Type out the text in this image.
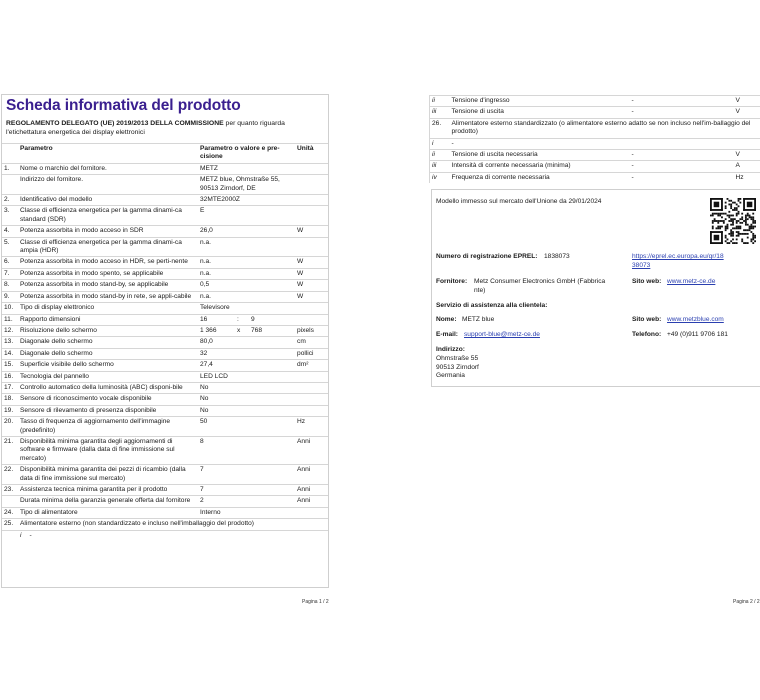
Scheda informativa del prodotto
REGOLAMENTO DELEGATO (UE) 2019/2013 DELLA COMMISSIONE per quanto riguarda l'etichettatura energetica dei display elettronici
	Parametro	Parametro o valore e pre-cisione			Unità
1.	Nome o marchio del fornitore.	METZ			
	Indirizzo del fornitore.	METZ blue, Ohmstraße 55, 90513 Zirndorf, DE			
2.	Identificativo del modello	32MTE2000Z			
3.	Classe di efficienza energetica per la gamma dinami-ca standard (SDR)	E			
4.	Potenza assorbita in modo acceso in SDR	26,0			W
5.	Classe di efficienza energetica per la gamma dinami-ca ampia (HDR)	n.a.			
6.	Potenza assorbita in modo acceso in HDR, se perti-nente	n.a.			W
7.	Potenza assorbita in modo spento, se applicabile	n.a.			W
8.	Potenza assorbita in modo stand-by, se applicabile	0,5			W
9.	Potenza assorbita in modo stand-by in rete, se appli-cabile	n.a.			W
10.	Tipo di display elettronico	Televisore			
11.	Rapporto dimensioni	16	:	9	
12.	Risoluzione dello schermo	1 366	x	768	pixels
13.	Diagonale dello schermo	80,0			cm
14.	Diagonale dello schermo	32			pollici
15.	Superficie visibile dello schermo	27,4			dm²
16.	Tecnologia del pannello	LED LCD			
17.	Controllo automatico della luminosità (ABC) disponi-bile	No			
18.	Sensore di riconoscimento vocale disponibile	No			
19.	Sensore di rilevamento di presenza disponibile	No			
20.	Tasso di frequenza di aggiornamento dell'immagine (predefinito)	50			Hz
21.	Disponibilità minima garantita degli aggiornamenti di software e firmware (dalla data di fine immissione sul mercato)	8			Anni
22.	Disponibilità minima garantita dei pezzi di ricambio (dalla data di fine immissione sul mercato)	7			Anni
23.	Assistenza tecnica minima garantita per il prodotto	7			Anni
	Durata minima della garanzia generale offerta dal fornitore	2			Anni
24.	Tipo di alimentatore	Interno			
25.	Alimentatore esterno (non standardizzato e incluso nell'imballaggio del prodotto)				
	i -				
Pagina 1 / 2
ii	Tensione d'ingresso	-	V
iii	Tensione di uscita	-	V
26.	Alimentatore esterno standardizzato (o alimentatore esterno adatto se non incluso nell'im-ballaggio del prodotto)		
i	-		
ii	Tensione di uscita necessaria	-	V
iii	Intensità di corrente necessaria (minima)	-	A
iv	Frequenza di corrente necessaria	-	Hz
Modello immesso sul mercato dell'Unione da 29/01/2024
Numero di registrazione EPREL: 1838073	https://eprel.ec.europa.eu/qr/18
38073
Fornitore: Metz Consumer Electronics GmbH (Fabbrica
nte)
Sito web: www.metz-ce.de
Servizio di assistenza alla clientela:
Nome: METZ blue	Sito web: www.metzblue.com
E-mail: support-blue@metz-ce.de	Telefono: +49 (0)911 9706 181
Indirizzo:
Ohmstraße 55
90513 Zirndorf
Germania
Pagina 2 / 2
